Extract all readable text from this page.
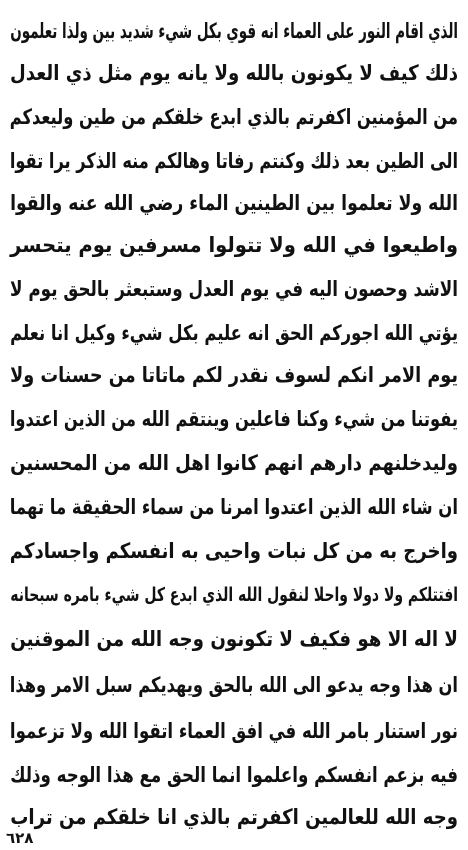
الذي اقام النور على العماء انه قوي بكل شيء شديد بين ولذا تعلمون
ذلك كيف لا يكونون بالله ولا يانه يوم مثل ذي العدل
من المؤمنين اكفرتم بالذي ابدع خلقكم من طين وليعدكم
الى الطين بعد ذلك وكنتم رفاتا وهالكم منه الذكر يرا تقوا
الله ولا تعلموا بين الطينين الماء رضي الله عنه والقوا
واطيعوا في الله ولا تتولوا مسرفين يوم يتحسر
الاشد وحصون اليه في يوم العدل وستبعثر بالحق يوم لا
يؤتي الله اجوركم الحق انه عليم بكل شيء وكيل انا نعلم
يوم الامر انكم لسوف نقدر لكم ماتاتا من حسنات ولا
يفوتنا من شيء وكنا فاعلين وينتقم الله من الذين اعتدوا
وليدخلنهم دارهم انهم كانوا اهل الله من المحسنين
ان شاء الله الذين اعتدوا امرنا من سماء الحقيقة ما تهما
واخرج به من كل نبات واحيى به انفسكم واجسادكم
افتتلكم ولا دولا واحلا لنقول الله الذي ابدع كل شيء بامره سبحانه
لا اله الا هو فكيف لا تكونون وجه الله من الموقنين
ان هذا وجه يدعو الى الله بالحق ويهديكم سبل الامر وهذا
نور استنار بامر الله في افق العماء اتقوا الله ولا تزعموا
فيه بزعم انفسكم واعلموا انما الحق مع هذا الوجه وذلك
وجه الله للعالمين اكفرتم بالذي انا خلقكم من تراب
٦٢٨
